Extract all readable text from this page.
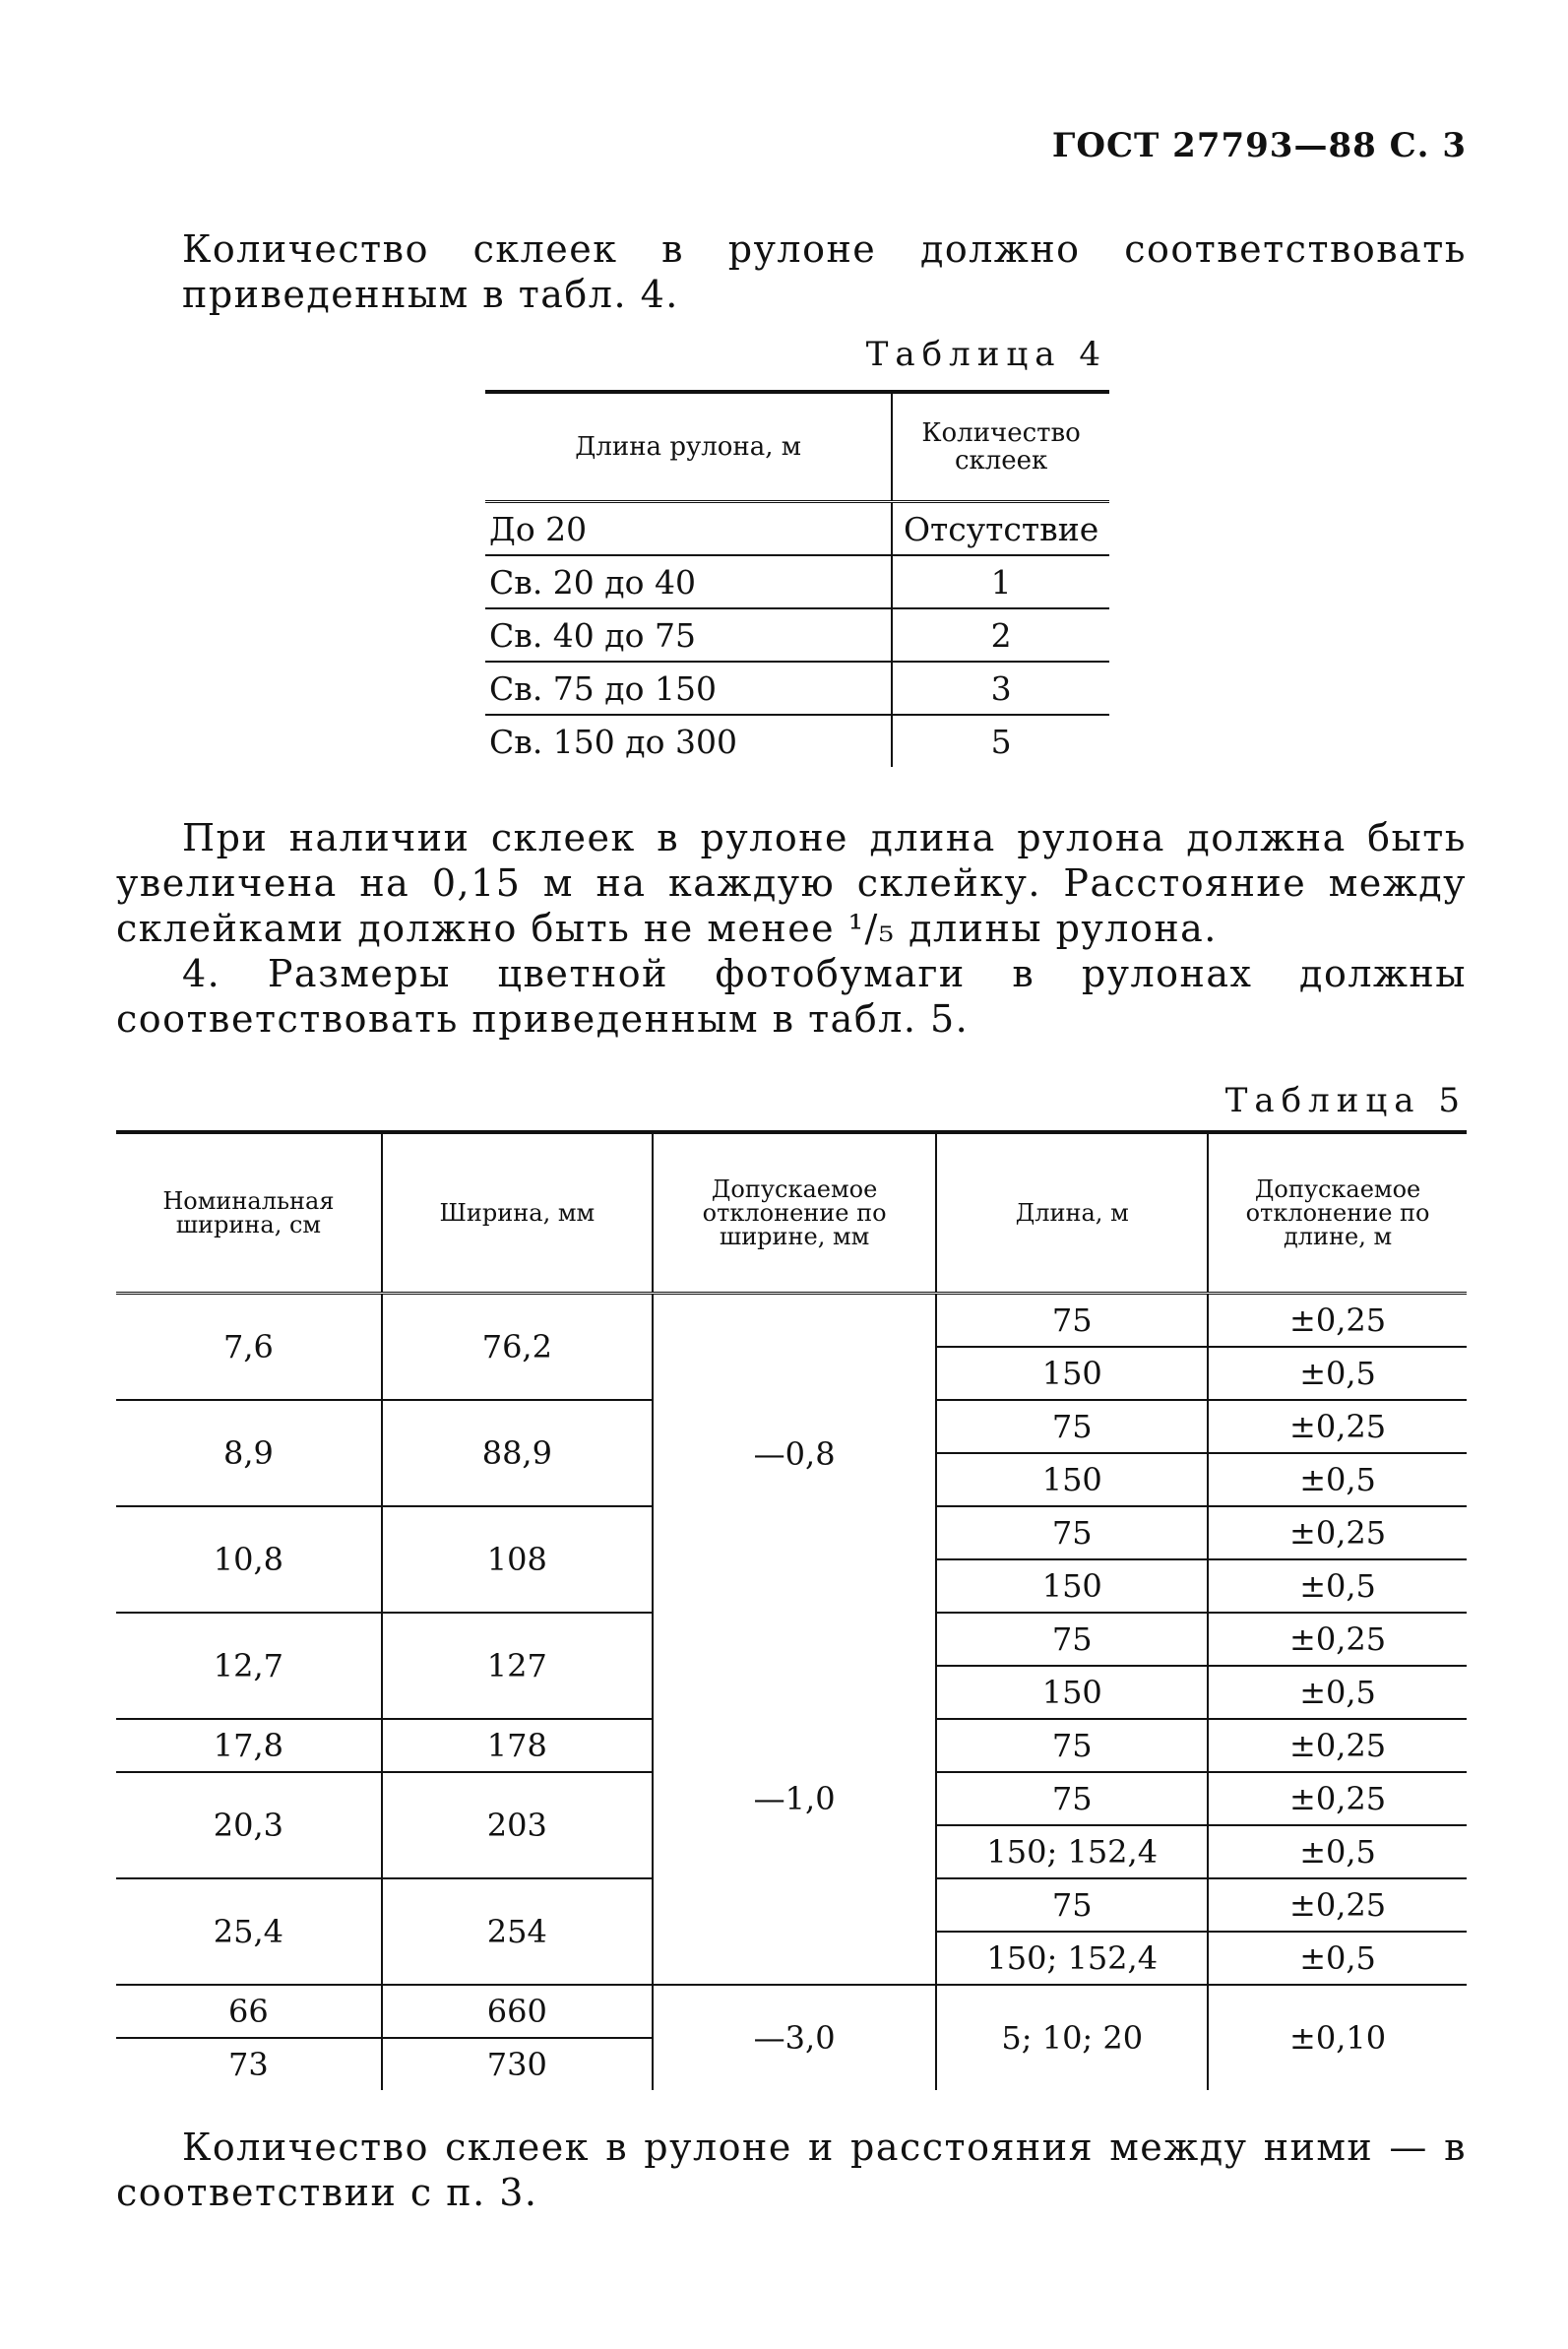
ГОСТ 27793—88 С. 3

Количество склеек в рулоне должно соответствовать приведенным в табл. 4.

Таблица 4
Длина рулона, м	Количество склеек
До 20	Отсутствие
Св. 20 до 40	1
Св. 40 до 75	2
Св. 75 до 150	3
Св. 150 до 300	5

При наличии склеек в рулоне длина рулона должна быть увеличена на 0,15 м на каждую склейку. Расстояние между склейками должно быть не менее ¹/₅ длины рулона.

4. Размеры цветной фотобумаги в рулонах должны соответствовать приведенным в табл. 5.

Таблица 5
Номинальная ширина, см	Ширина, мм	Допускаемое отклонение по ширине, мм	Длина, м	Допускаемое отклонение по длине, м
7,6	76,2	—0,8	75	±0,25
			150	±0,5
8,9	88,9		75	±0,25
			150	±0,5
10,8	108		75	±0,25
			150	±0,5
12,7	127	—1,0	75	±0,25
			150	±0,5
17,8	178		75	±0,25
20,3	203		75	±0,25
			150; 152,4	±0,5
25,4	254		75	±0,25
			150; 152,4	±0,5
66	660	—3,0	5; 10; 20	±0,10
73	730			

Количество склеек в рулоне и расстояния между ними — в соответствии с п. 3.
